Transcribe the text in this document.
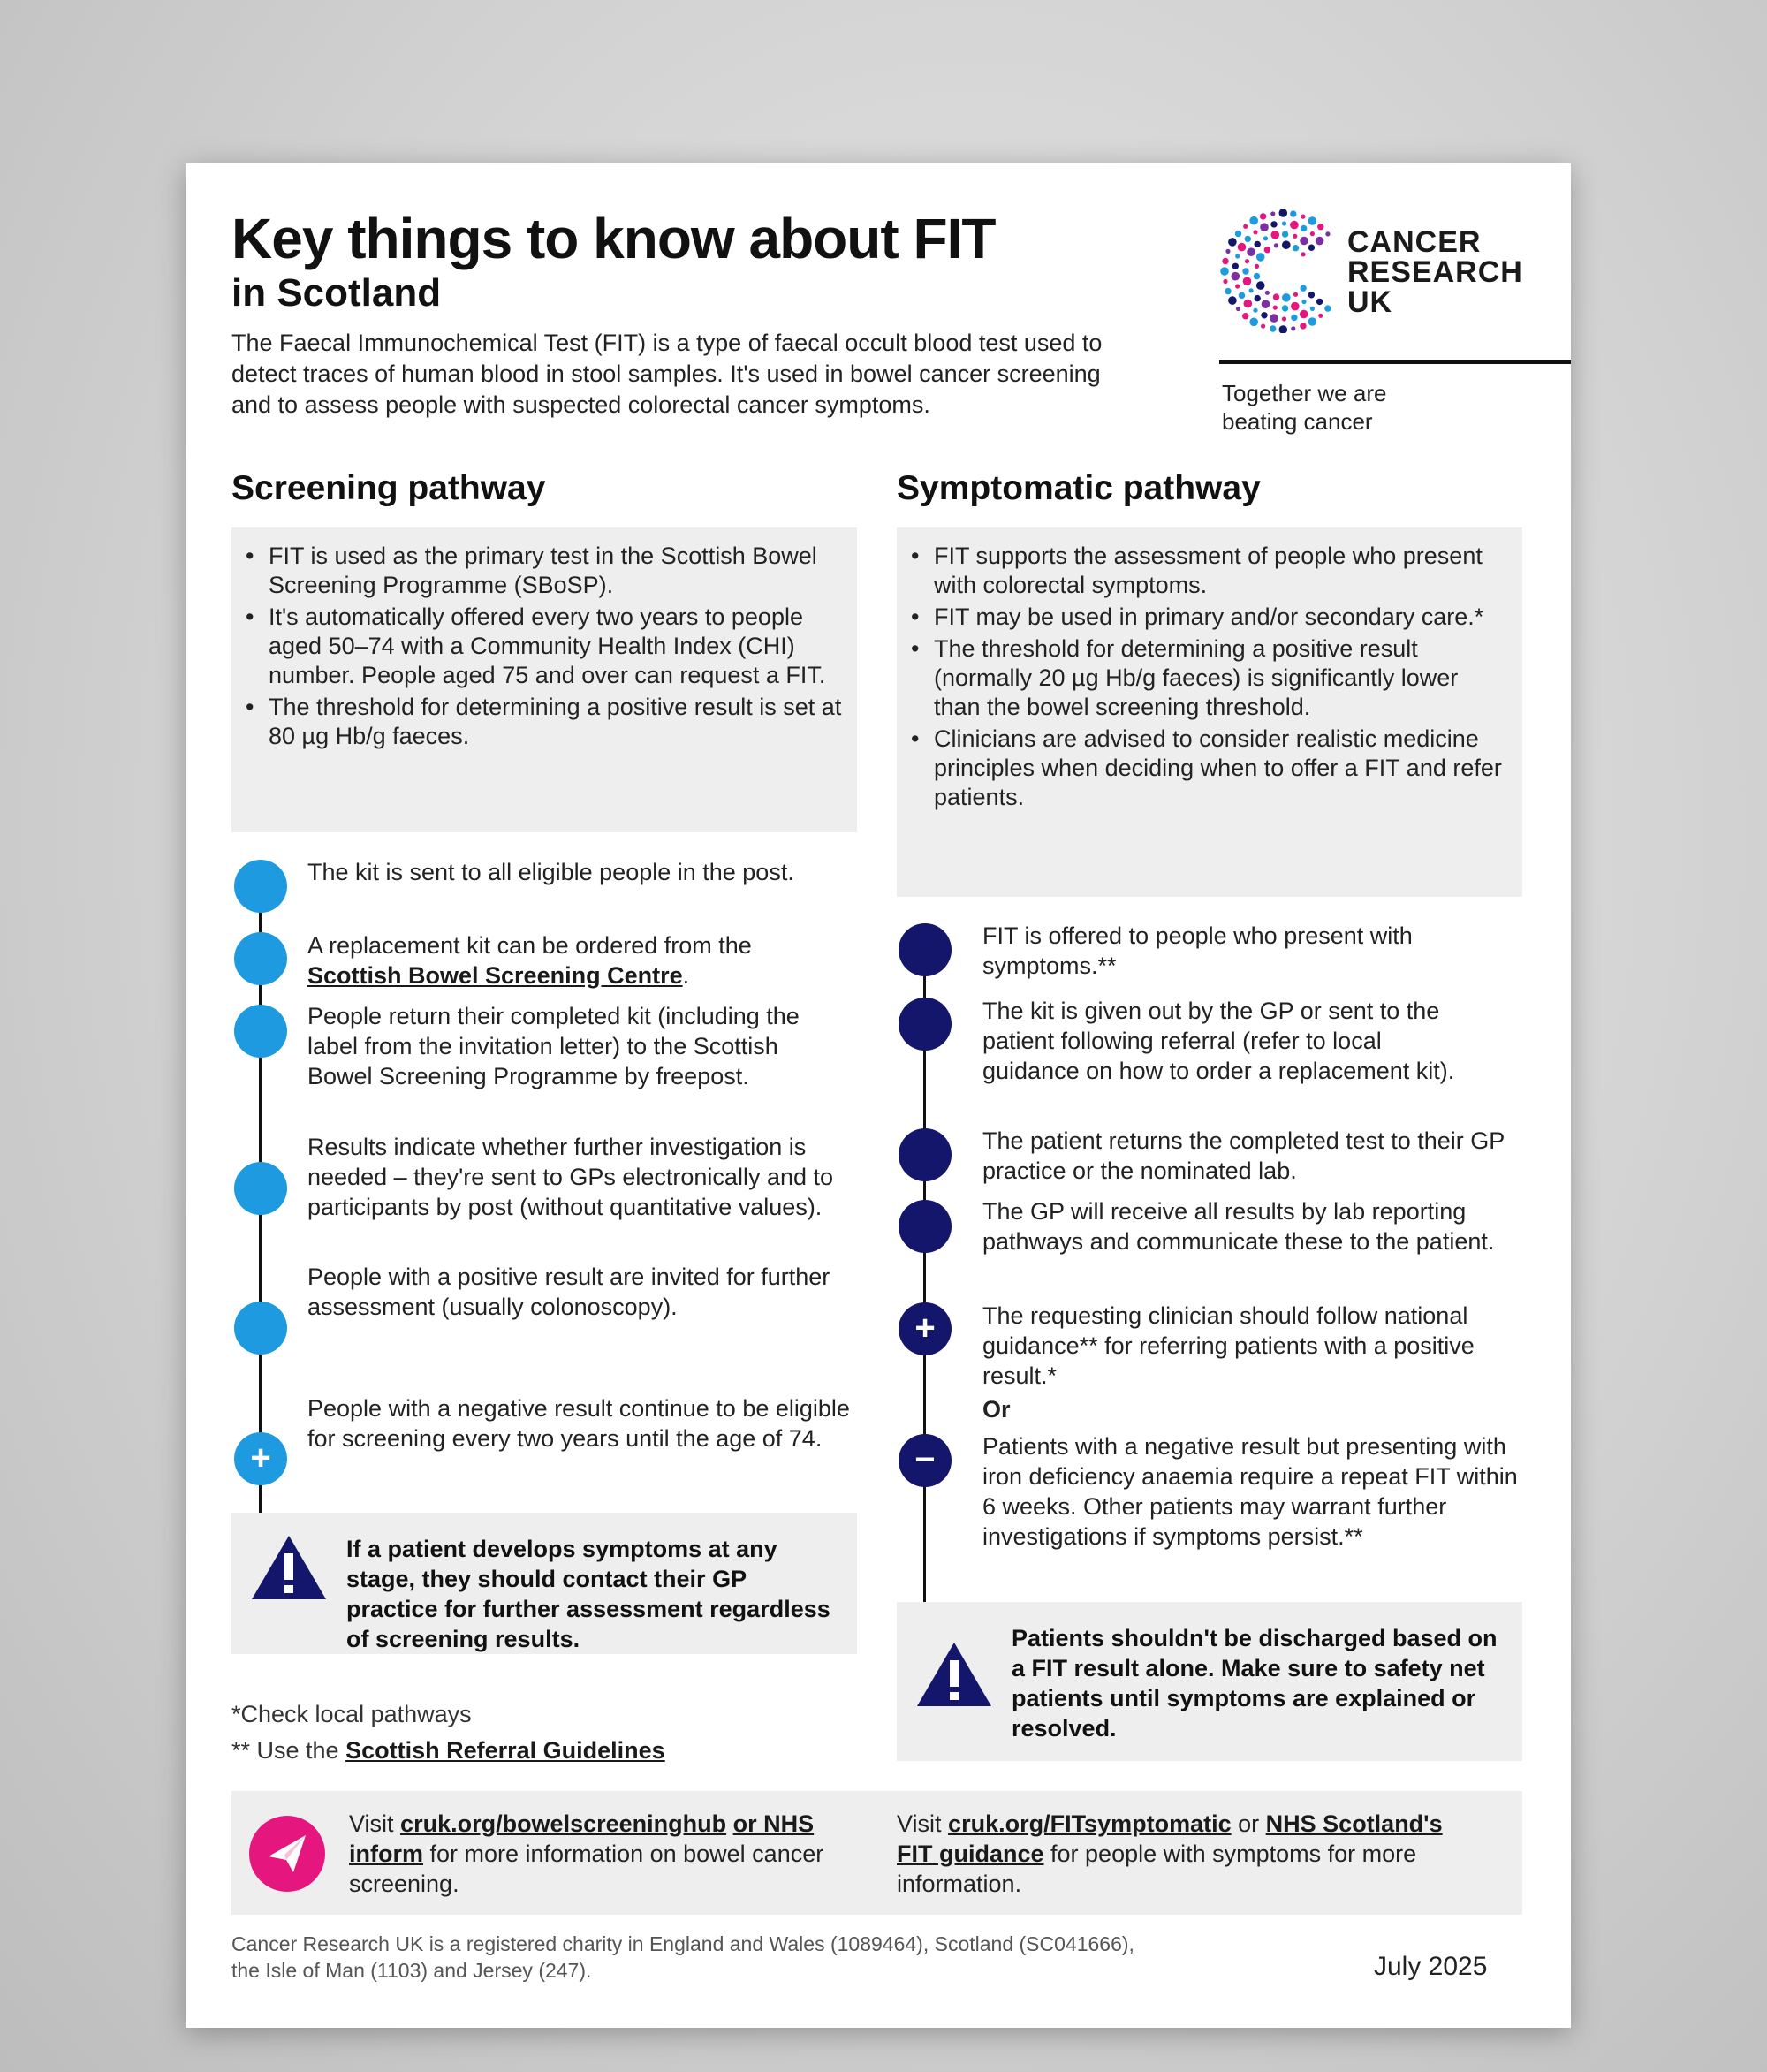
Key things to know about FIT
in Scotland
The Faecal Immunochemical Test (FIT) is a type of faecal occult blood test used to detect traces of human blood in stool samples. It's used in bowel cancer screening and to assess people with suspected colorectal cancer symptoms.
CANCER
RESEARCH
UK
Together we are beating cancer
Screening pathway	Symptomatic pathway
• FIT is used as the primary test in the Scottish Bowel Screening Programme (SBoSP).
• It's automatically offered every two years to people aged 50–74 with a Community Health Index (CHI) number. People aged 75 and over can request a FIT.
• The threshold for determining a positive result is set at 80 µg Hb/g faeces.
• FIT supports the assessment of people who present with colorectal symptoms.
• FIT may be used in primary and/or secondary care.*
• The threshold for determining a positive result (normally 20 µg Hb/g faeces) is significantly lower than the bowel screening threshold.
• Clinicians are advised to consider realistic medicine principles when deciding when to offer a FIT and refer patients.
The kit is sent to all eligible people in the post.
A replacement kit can be ordered from the Scottish Bowel Screening Centre.
People return their completed kit (including the label from the invitation letter) to the Scottish Bowel Screening Programme by freepost.
Results indicate whether further investigation is needed – they're sent to GPs electronically and to participants by post (without quantitative values).
+
People with a positive result are invited for further assessment (usually colonoscopy).
People with a negative result continue to be eligible for screening every two years until the age of 74.
FIT is offered to people who present with symptoms.**
The kit is given out by the GP or sent to the patient following referral (refer to local guidance on how to order a replacement kit).
The patient returns the completed test to their GP practice or the nominated lab.
The GP will receive all results by lab reporting pathways and communicate these to the patient.
+	The requesting clinician should follow national guidance** for referring patients with a positive result.*
Or
−	Patients with a negative result but presenting with iron deficiency anaemia require a repeat FIT within 6 weeks. Other patients may warrant further investigations if symptoms persist.**
If a patient develops symptoms at any stage, they should contact their GP practice for further assessment regardless of screening results.	Patients shouldn't be discharged based on a FIT result alone. Make sure to safety net patients until symptoms are explained or resolved.
*Check local pathways
** Use the Scottish Referral Guidelines
Visit cruk.org/bowelscreeninghub or NHS inform for more information on bowel cancer screening.
Visit cruk.org/FITsymptomatic or NHS Scotland's FIT guidance for people with symptoms for more information.
Cancer Research UK is a registered charity in England and Wales (1089464), Scotland (SC041666), the Isle of Man (1103) and Jersey (247).	July 2025
